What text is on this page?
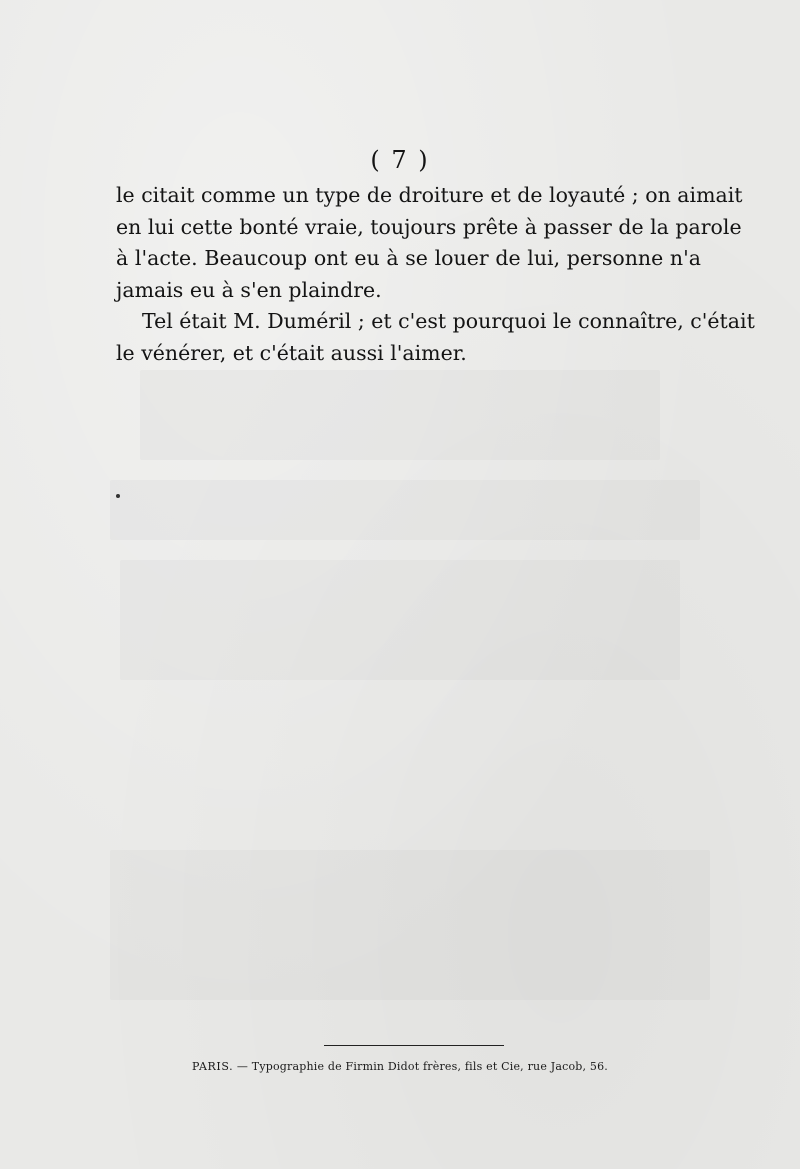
( 7 )
le citait comme un type de droiture et de loyauté ; on aimait
en lui cette bonté vraie, toujours prête à passer de la parole
à l'acte. Beaucoup ont eu à se louer de lui, personne n'a
jamais eu à s'en plaindre.
Tel était M. Duméril ; et c'est pourquoi le connaître, c'était
le vénérer, et c'était aussi l'aimer.
PARIS. — Typographie de Firmin Didot frères, fils et Cie, rue Jacob, 56.
